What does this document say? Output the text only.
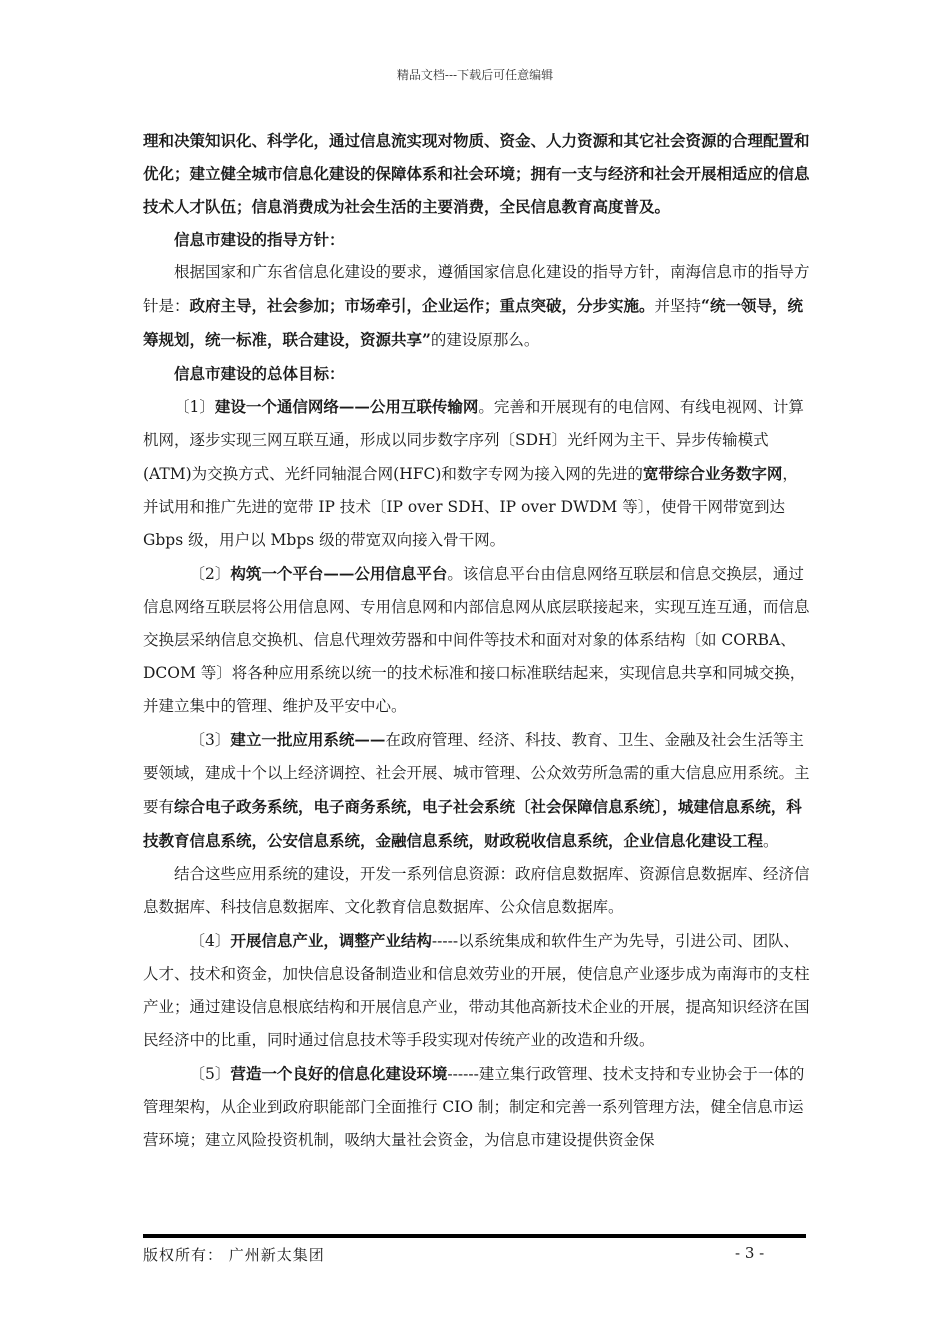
精品文档---下载后可任意编辑

理和决策知识化、科学化，通过信息流实现对物质、资金、人力资源和其它社会资源的合理配置和优化；建立健全城市信息化建设的保障体系和社会环境；拥有一支与经济和社会开展相适应的信息技术人才队伍；信息消费成为社会生活的主要消费，全民信息教育高度普及。

信息市建设的指导方针：

根据国家和广东省信息化建设的要求，遵循国家信息化建设的指导方针，南海信息市的指导方针是：政府主导，社会参加；市场牵引，企业运作；重点突破，分步实施。并坚持“统一领导，统筹规划，统一标准，联合建设，资源共享”的建设原那么。

信息市建设的总体目标：

〔1〕建设一个通信网络——公用互联传输网。完善和开展现有的电信网、有线电视网、计算机网，逐步实现三网互联互通，形成以同步数字序列〔SDH〕光纤网为主干、异步传输模式(ATM)为交换方式、光纤同轴混合网(HFC)和数字专网为接入网的先进的宽带综合业务数字网，并试用和推广先进的宽带 IP 技术〔IP over SDH、IP over DWDM 等〕，使骨干网带宽到达 Gbps 级，用户以 Mbps 级的带宽双向接入骨干网。

〔2〕构筑一个平台——公用信息平台。该信息平台由信息网络互联层和信息交换层，通过信息网络互联层将公用信息网、专用信息网和内部信息网从底层联接起来，实现互连互通，而信息交换层采纳信息交换机、信息代理效劳器和中间件等技术和面对对象的体系结构〔如 CORBA、DCOM 等〕将各种应用系统以统一的技术标准和接口标准联结起来，实现信息共享和同城交换，并建立集中的管理、维护及平安中心。

〔3〕建立一批应用系统——在政府管理、经济、科技、教育、卫生、金融及社会生活等主要领域，建成十个以上经济调控、社会开展、城市管理、公众效劳所急需的重大信息应用系统。主要有综合电子政务系统，电子商务系统，电子社会系统〔社会保障信息系统〕，城建信息系统，科技教育信息系统，公安信息系统，金融信息系统，财政税收信息系统，企业信息化建设工程。

结合这些应用系统的建设，开发一系列信息资源：政府信息数据库、资源信息数据库、经济信息数据库、科技信息数据库、文化教育信息数据库、公众信息数据库。

〔4〕开展信息产业，调整产业结构-----以系统集成和软件生产为先导，引进公司、团队、人才、技术和资金，加快信息设备制造业和信息效劳业的开展，使信息产业逐步成为南海市的支柱产业；通过建设信息根底结构和开展信息产业，带动其他高新技术企业的开展，提高知识经济在国民经济中的比重，同时通过信息技术等手段实现对传统产业的改造和升级。

〔5〕营造一个良好的信息化建设环境------建立集行政管理、技术支持和专业协会于一体的管理架构，从企业到政府职能部门全面推行 CIO 制；制定和完善一系列管理方法，健全信息市运营环境；建立风险投资机制，吸纳大量社会资金，为信息市建设提供资金保

版权所有： 广州新太集团	- 3 -
